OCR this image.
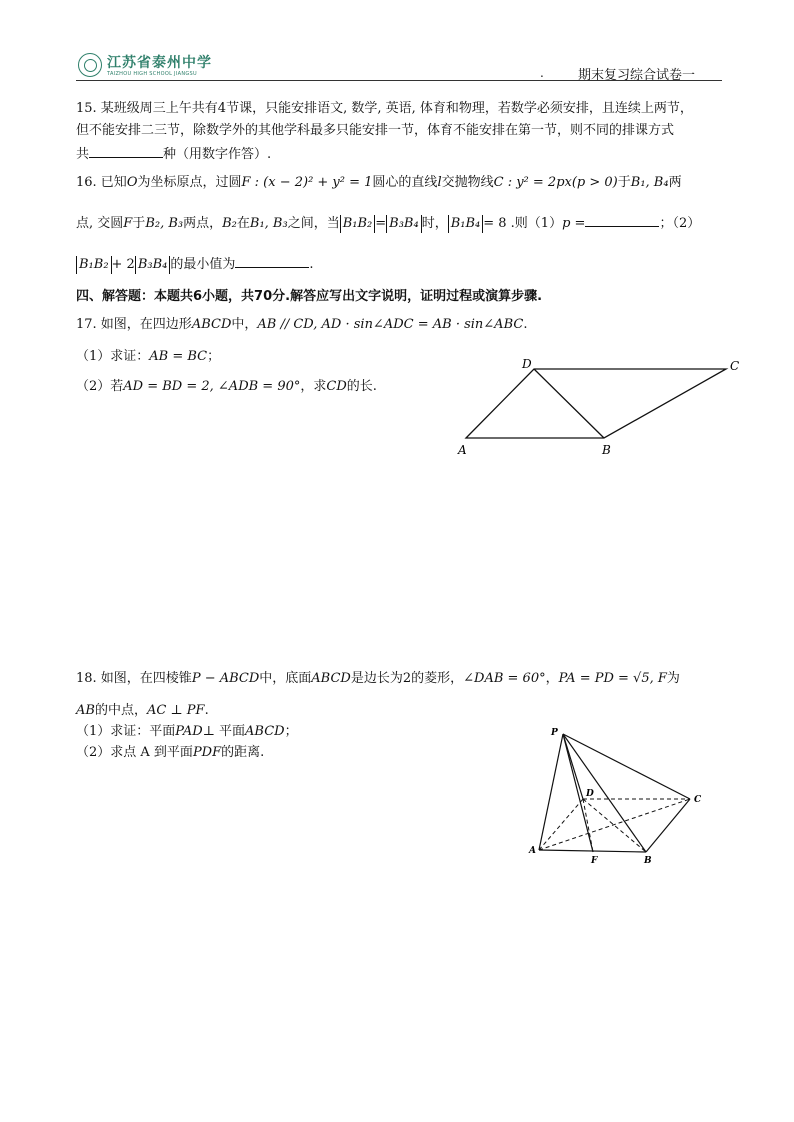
江苏省泰州中学
TAIZHOU HIGH SCHOOL JIANGSU	.	期末复习综合试卷一
15. 某班级周三上午共有4节课，只能安排语文, 数学, 英语, 体育和物理，若数学必须安排，且连续上两节，
但不能安排二三节，除数学外的其他学科最多只能安排一节，体育不能安排在第一节，则不同的排课方式
共	种（用数字作答）.
16. 已知O为坐标原点，过圆F : (x − 2)² + y² = 1圆心的直线l交抛物线C : y² = 2px(p > 0)于B₁, B₄两
点, 交圆F于B₂, B₃两点，B₂在B₁, B₃之间，当 B₁B₂ = B₃B₄ 时， B₁B₄ = 8 .则（1）p =	；（2）
B₁B₂ + 2 B₃B₄ 的最小值为	.
四、解答题：本题共6小题，共70分.解答应写出文字说明，证明过程或演算步骤.
17. 如图，在四边形ABCD中，AB // CD, AD · sin∠ADC = AB · sin∠ABC.
（1）求证：AB = BC；
（2）若AD = BD = 2, ∠ADB = 90°，求CD的长.
D	C
A	B
18. 如图，在四棱锥P − ABCD中，底面ABCD是边长为2的菱形，∠DAB = 60°，PA = PD = √5, F为
AB的中点，AC ⊥ PF.
（1）求证：平面PAD⊥ 平面ABCD；
（2）求点 A 到平面PDF的距离.
P
D
C
A
F	B
